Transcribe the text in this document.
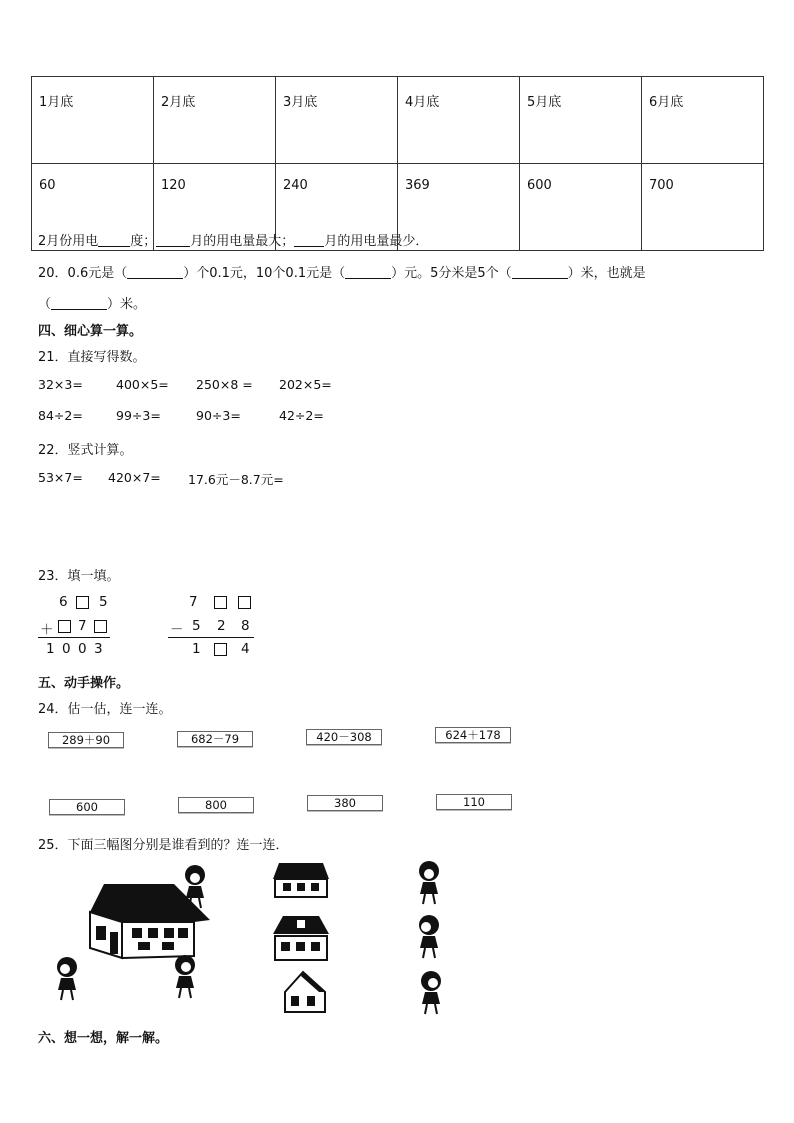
1月底	2月底	3月底	4月底	5月底	6月底
60	120	240	369	600	700
2月份用电 度；	月的用电量最大； 月的用电量最少．
20．0.6元是（	）个0.1元，10个0.1元是（	）元。5分米是5个（	）米，也就是
（	）米。
四、细心算一算。
21．直接写得数。
32×3=	400×5= 250×8 = 202×5=
84÷2=	99÷3=	90÷3=	42÷2=
22．竖式计算。
53×7= 420×7= 17.6元－8.7元=
23．填一填。
6 5
＋ 7
1 0 0 3
7
－ 5 2 8
1	4
五、动手操作。
24．估一估，连一连。
289＋90	682－79	420－308	624＋178
600	800	380	110
25．下面三幅图分别是谁看到的？连一连．
六、想一想，解一解。
